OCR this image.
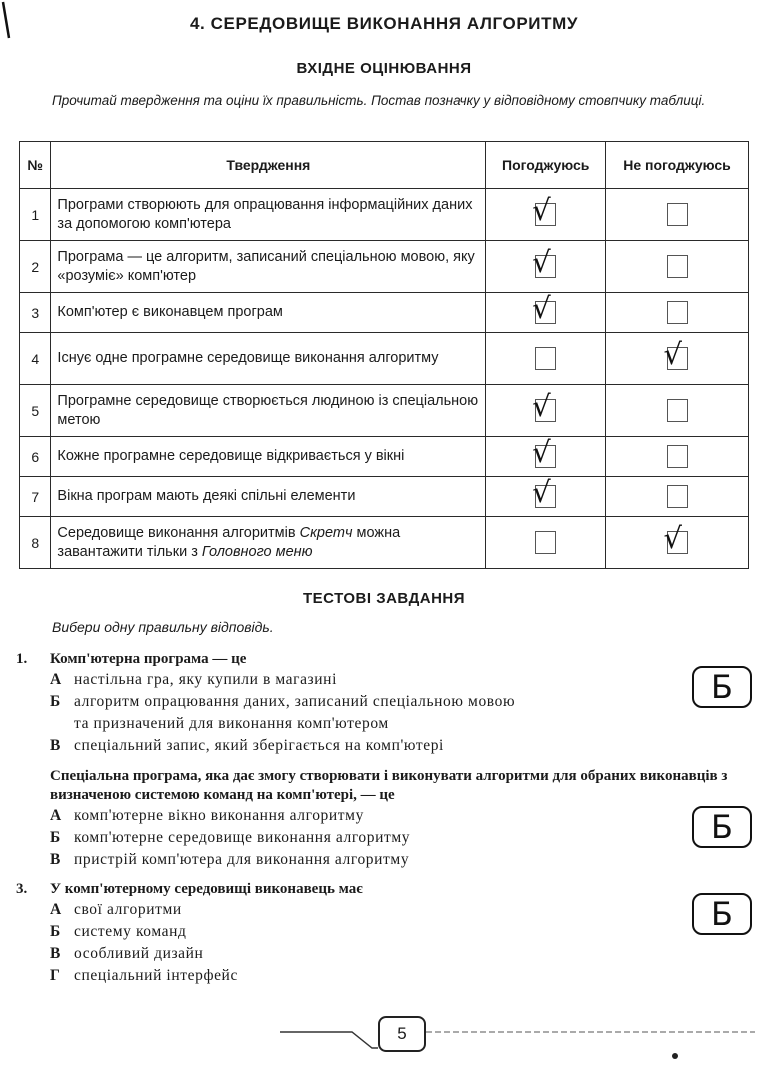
4. СЕРЕДОВИЩЕ ВИКОНАННЯ АЛГОРИТМУ
ВХІДНЕ ОЦІНЮВАННЯ
Прочитай твердження та оціни їх правильність. Постав позначку у відповідному стовпчику таблиці.
№	Твердження	Погоджуюсь	Не погоджуюсь
1	Програми створюють для опрацювання інформаційних даних за допомогою комп'ютера	√	

2	Програма — це алгоритм, записаний спеціальною мовою, яку «розуміє» комп'ютер	√	

3	Комп'ютер є виконавцем програм	√	

4	Існує одне програмне середовище виконання алгоритму		√

5	Програмне середовище створюється людиною із спеціальною метою	√	

6	Кожне програмне середовище відкривається у вікні	√	

7	Вікна програм мають деякі спільні елементи	√	

8	Середовище виконання алгоритмів Скретч можна завантажити тільки з Головного меню		√
ТЕСТОВІ ЗАВДАННЯ
Вибери одну правильну відповідь.
1. Комп'ютерна програма — це
А настільна гра, яку купили в магазині
Б алгоритм опрацювання даних, записаний спеціальною мовою
та призначений для виконання комп'ютером
В спеціальний запис, який зберігається на комп'ютері
Б
Спеціальна програма, яка дає змогу створювати і виконувати алгоритми для обраних виконавців з визначеною системою команд на комп'ютері, — це
А комп'ютерне вікно виконання алгоритму
Б комп'ютерне середовище виконання алгоритму
В пристрій комп'ютера для виконання алгоритму
Б
3. У комп'ютерному середовищі виконавець має
А свої алгоритми
Б систему команд
В особливий дизайн
Г спеціальний інтерфейс
Б
5
